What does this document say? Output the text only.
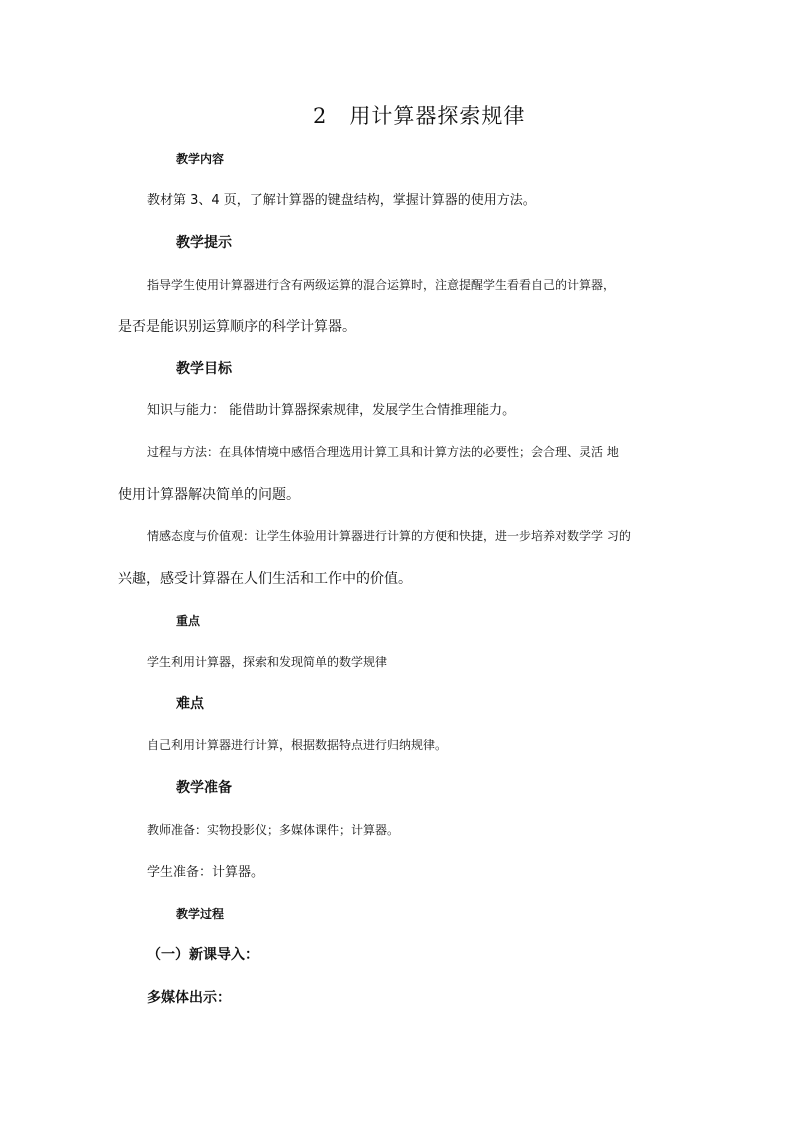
2　用计算器探索规律
教学内容
教材第 3、4 页，了解计算器的键盘结构，掌握计算器的使用方法。
教学提示
指导学生使用计算器进行含有两级运算的混合运算时，注意提醒学生看看自己的计算器，
是否是能识别运算顺序的科学计算器。
教学目标
知识与能力： 能借助计算器探索规律，发展学生合情推理能力。
过程与方法：在具体情境中感悟合理选用计算工具和计算方法的必要性；会合理、灵活 地
使用计算器解决简单的问题。
情感态度与价值观：让学生体验用计算器进行计算的方便和快捷，进一步培养对数学学 习的
兴趣，感受计算器在人们生活和工作中的价值。
重点
学生利用计算器，探索和发现简单的数学规律
难点
自己利用计算器进行计算，根据数据特点进行归纳规律。
教学准备
教师准备：实物投影仪；多媒体课件；计算器。
学生准备：计算器。
教学过程
（一）新课导入：
多媒体出示：
